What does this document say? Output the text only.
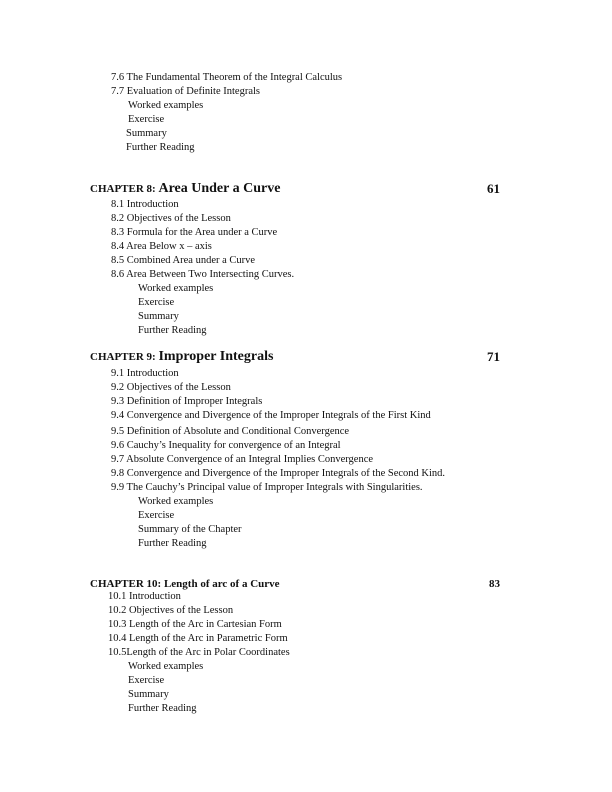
7.6 The Fundamental Theorem of the Integral Calculus
7.7 Evaluation of Definite Integrals
Worked examples
Exercise
Summary
Further Reading
CHAPTER 8: Area Under a Curve	61
8.1 Introduction
8.2 Objectives of the Lesson
8.3 Formula for the Area under a Curve
8.4 Area Below x – axis
8.5 Combined Area under a Curve
8.6 Area Between Two Intersecting Curves.
Worked examples
Exercise
Summary
Further Reading
CHAPTER 9: Improper Integrals	71
9.1 Introduction
9.2 Objectives of the Lesson
9.3 Definition of Improper Integrals
9.4 Convergence and Divergence of the Improper Integrals of the First Kind
9.5 Definition of Absolute and Conditional Convergence
9.6 Cauchy’s Inequality for convergence of an Integral
9.7 Absolute Convergence of an Integral Implies Convergence
9.8 Convergence and Divergence of the Improper Integrals of the Second Kind.
9.9 The Cauchy’s Principal value of Improper Integrals with Singularities.
Worked examples
Exercise
Summary of the Chapter
Further Reading
CHAPTER 10: Length of arc of a Curve	83
10.1 Introduction
10.2 Objectives of the Lesson
10.3 Length of the Arc in Cartesian Form
10.4 Length of the Arc in Parametric Form
10.5Length of the Arc in Polar Coordinates
Worked examples
Exercise
Summary
Further Reading
